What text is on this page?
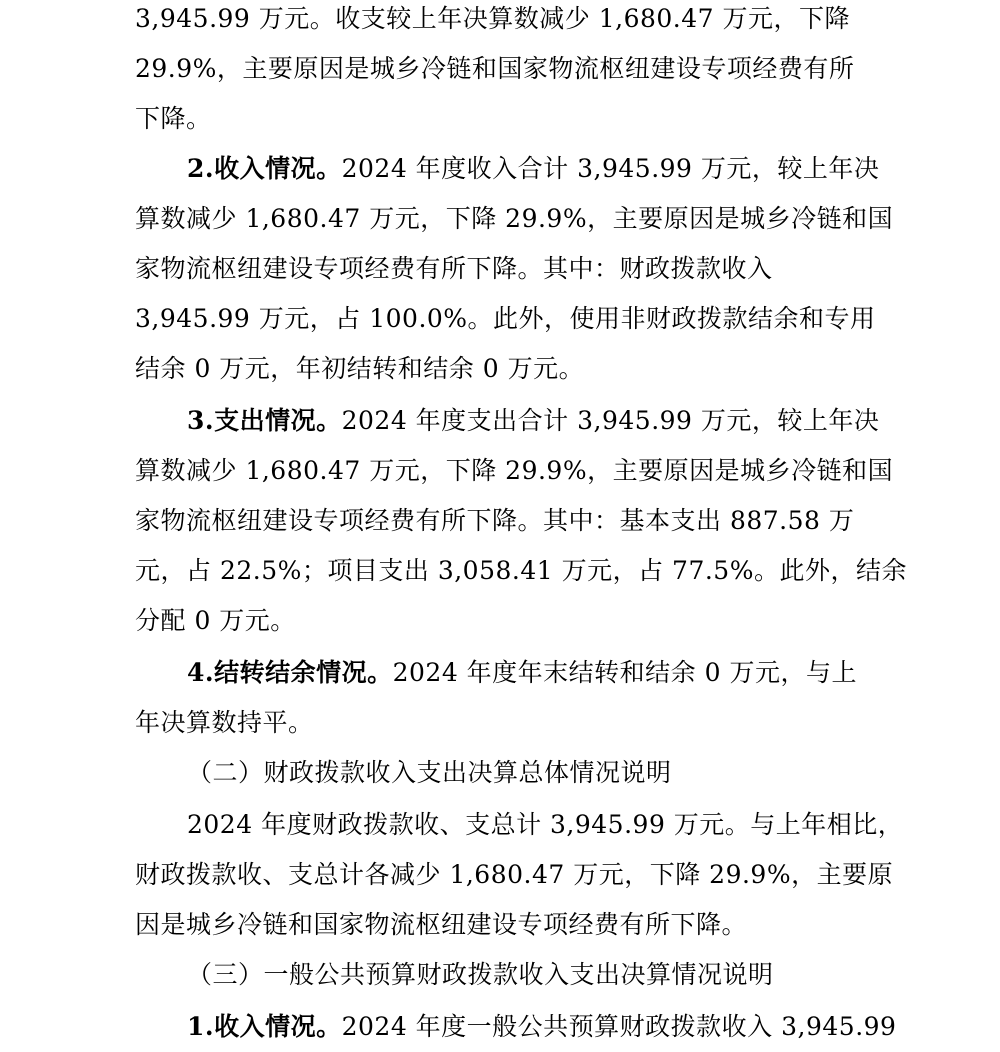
3,945.99 万元。收支较上年决算数减少 1,680.47 万元，下降
29.9%，主要原因是城乡冷链和国家物流枢纽建设专项经费有所
下降。
2.收入情况。2024 年度收入合计 3,945.99 万元，较上年决
算数减少 1,680.47 万元，下降 29.9%，主要原因是城乡冷链和国
家物流枢纽建设专项经费有所下降。其中：财政拨款收入
3,945.99 万元，占 100.0%。此外，使用非财政拨款结余和专用
结余 0 万元，年初结转和结余 0 万元。
3.支出情况。2024 年度支出合计 3,945.99 万元，较上年决
算数减少 1,680.47 万元，下降 29.9%，主要原因是城乡冷链和国
家物流枢纽建设专项经费有所下降。其中：基本支出 887.58 万
元，占 22.5%；项目支出 3,058.41 万元，占 77.5%。此外，结余
分配 0 万元。
4.结转结余情况。2024 年度年末结转和结余 0 万元，与上
年决算数持平。
（二）财政拨款收入支出决算总体情况说明
2024 年度财政拨款收、支总计 3,945.99 万元。与上年相比，
财政拨款收、支总计各减少 1,680.47 万元，下降 29.9%，主要原
因是城乡冷链和国家物流枢纽建设专项经费有所下降。
（三）一般公共预算财政拨款收入支出决算情况说明
1.收入情况。2024 年度一般公共预算财政拨款收入 3,945.99
